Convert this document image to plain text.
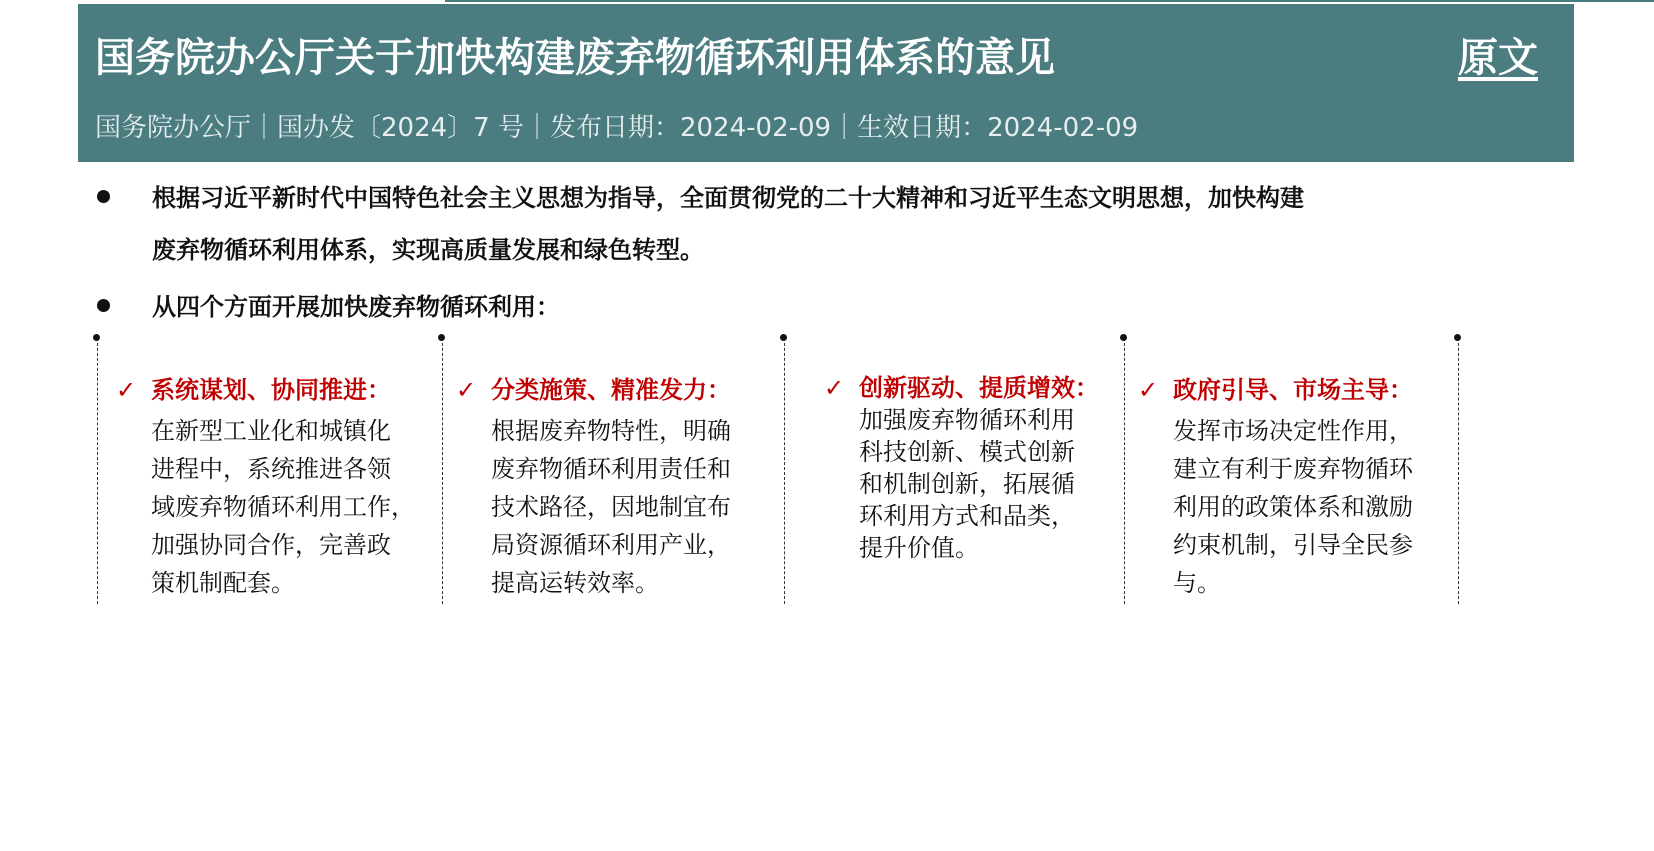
国务院办公厅关于加快构建废弃物循环利用体系的意见	原文
国务院办公厅｜国办发〔2024〕7 号｜发布日期：2024-02-09｜生效日期：2024-02-09
根据习近平新时代中国特色社会主义思想为指导，全面贯彻党的二十大精神和习近平生态文明思想，加快构建
废弃物循环利用体系，实现高质量发展和绿色转型。
从四个方面开展加快废弃物循环利用：
✓ 系统谋划、协同推进：
在新型工业化和城镇化
进程中，系统推进各领
域废弃物循环利用工作，
加强协同合作，完善政
策机制配套。
✓ 分类施策、精准发力：
根据废弃物特性，明确
废弃物循环利用责任和
技术路径，因地制宜布
局资源循环利用产业，
提高运转效率。
✓ 创新驱动、提质增效：
加强废弃物循环利用
科技创新、模式创新
和机制创新，拓展循
环利用方式和品类，
提升价值。
✓ 政府引导、市场主导：
发挥市场决定性作用，
建立有利于废弃物循环
利用的政策体系和激励
约束机制，引导全民参
与。
